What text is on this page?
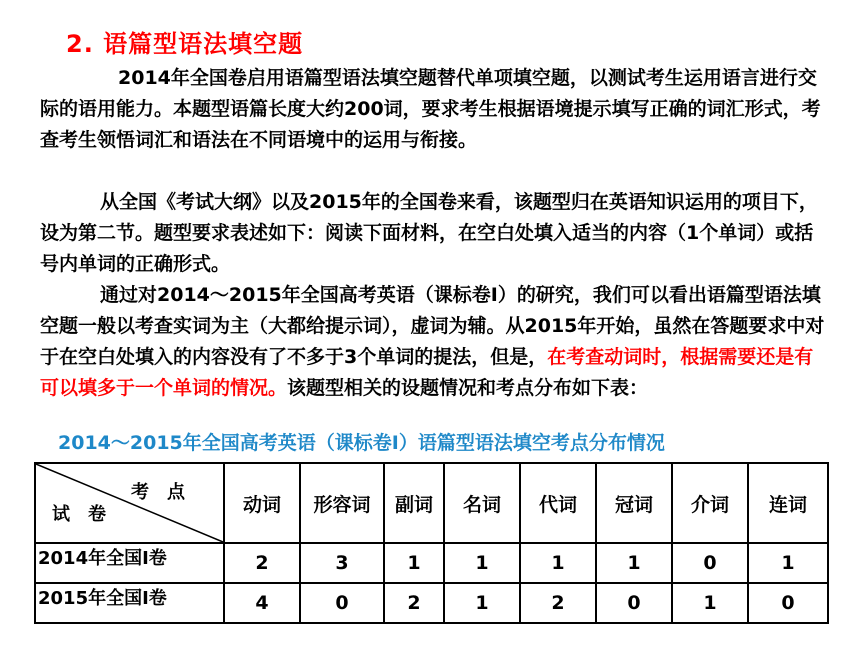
2. 语篇型语法填空题

2014年全国卷启用语篇型语法填空题替代单项填空题，以测试考生运用语言进行交际的语用能力。本题型语篇长度大约200词，要求考生根据语境提示填写正确的词汇形式，考查考生领悟词汇和语法在不同语境中的运用与衔接。

从全国《考试大纲》以及2015年的全国卷来看，该题型归在英语知识运用的项目下，设为第二节。题型要求表述如下：阅读下面材料，在空白处填入适当的内容（1个单词）或括号内单词的正确形式。

通过对2014～2015年全国高考英语（课标卷Ⅰ）的研究，我们可以看出语篇型语法填空题一般以考查实词为主（大都给提示词），虚词为辅。从2015年开始，虽然在答题要求中对于在空白处填入的内容没有了不多于3个单词的提法，但是，在考查动词时，根据需要还是有可以填多于一个单词的情况。该题型相关的设题情况和考点分布如下表：

2014～2015年全国高考英语（课标卷Ⅰ）语篇型语法填空考点分布情况
考点
试卷	动词	形容词	副词	名词	代词	冠词	介词	连词
2014年全国Ⅰ卷	2	3	1	1	1	1	0	1
2015年全国Ⅰ卷	4	0	2	1	2	0	1	0
